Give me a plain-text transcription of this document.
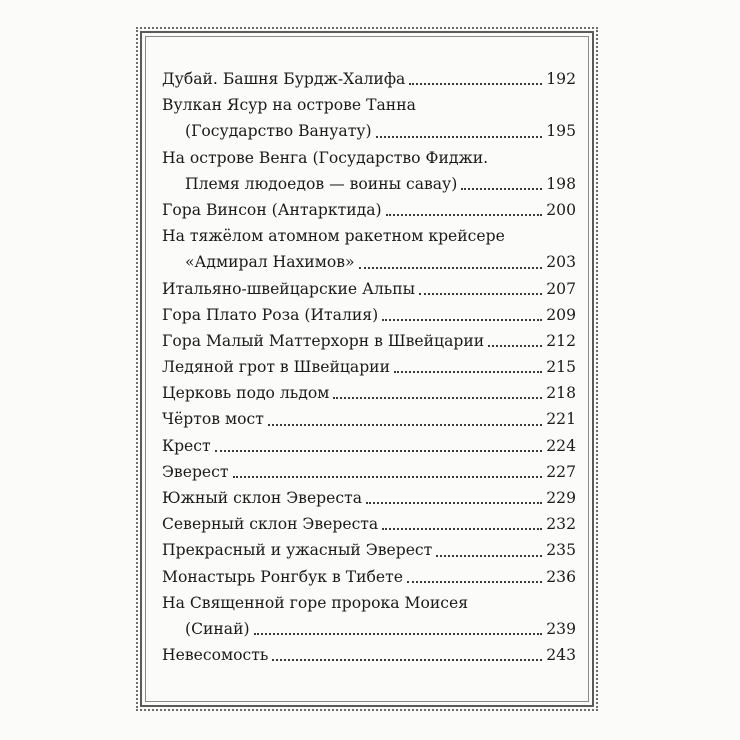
Дубай. Башня Бурдж-Халифа	192
Вулкан Ясур на острове Танна
(Государство Вануату)	195
На острове Венга (Государство Фиджи.
Племя людоедов — воины савау)	198
Гора Винсон (Антарктида)	200
На тяжёлом атомном ракетном крейсере
«Адмирал Нахимов»	203
Итальяно-швейцарские Альпы	207
Гора Плато Роза (Италия)	209
Гора Малый Маттерхорн в Швейцарии	212
Ледяной грот в Швейцарии	215
Церковь подо льдом	218
Чёртов мост	221
Крест	224
Эверест	227
Южный склон Эвереста	229
Северный склон Эвереста	232
Прекрасный и ужасный Эверест	235
Монастырь Ронгбук в Тибете	236
На Священной горе пророка Моисея
(Синай)	239
Невесомость	243
